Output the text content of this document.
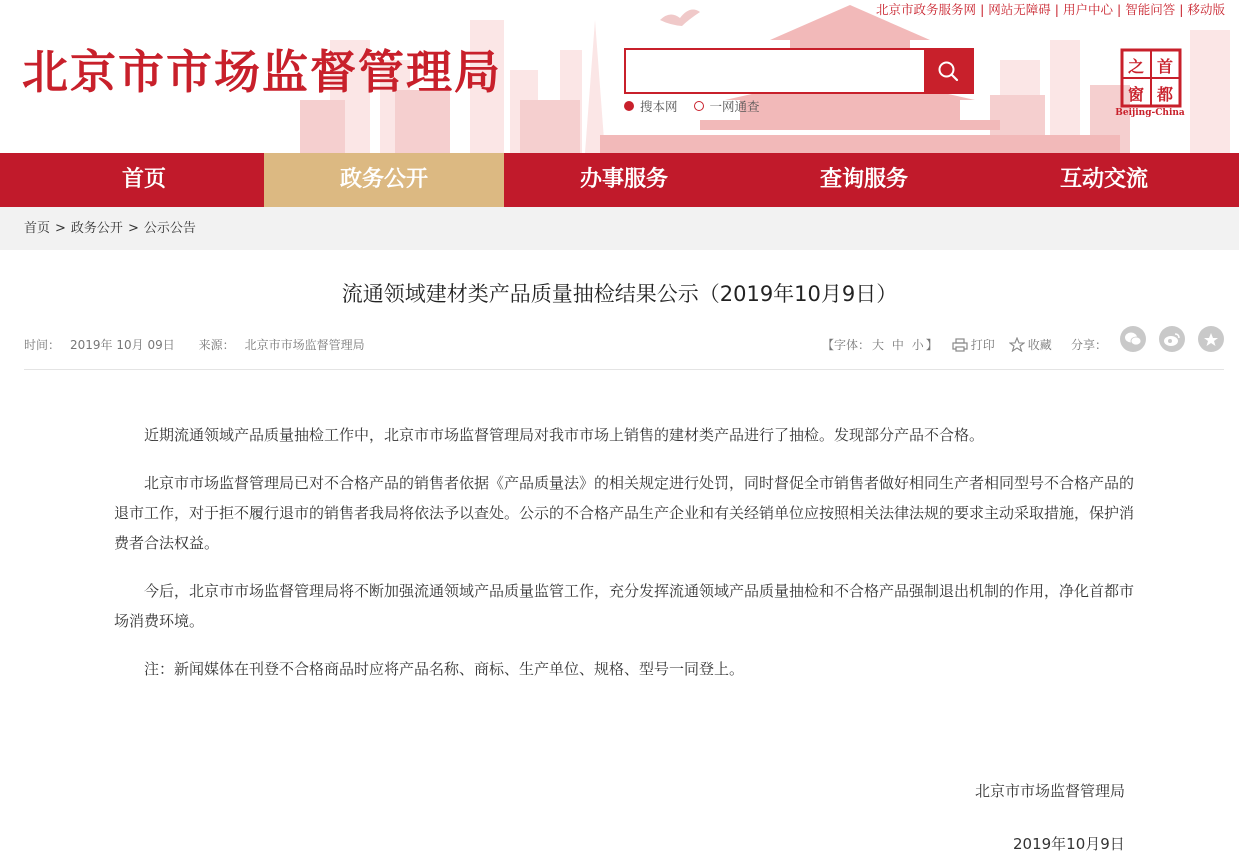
北京市市场监督管理局
北京市政务服务网 | 网站无障碍 | 用户中心 | 智能问答 | 移动版
搜本网	一网通查
首
都
之
窗
Beijing-China
首页	政务公开	办事服务	查询服务	互动交流
首页 > 政务公开 > 公示公告
流通领域建材类产品质量抽检结果公示（2019年10月9日）
时间： 2019年 10月 09日 来源： 北京市市场监督管理局	【字体： 大 中 小 】	打印	收藏 分享：

近期流通领域产品质量抽检工作中，北京市市场监督管理局对我市市场上销售的建材类产品进行了抽检。发现部分产品不合格。

北京市市场监督管理局已对不合格产品的销售者依据《产品质量法》的相关规定进行处罚，同时督促全市销售者做好相同生产者相同型号不合格产品的退市工作，对于拒不履行退市的销售者我局将依法予以查处。公示的不合格产品生产企业和有关经销单位应按照相关法律法规的要求主动采取措施，保护消费者合法权益。

今后，北京市市场监督管理局将不断加强流通领域产品质量监管工作，充分发挥流通领域产品质量抽检和不合格产品强制退出机制的作用，净化首都市场消费环境。

注：新闻媒体在刊登不合格商品时应将产品名称、商标、生产单位、规格、型号一同登上。

北京市市场监督管理局
2019年10月9日
